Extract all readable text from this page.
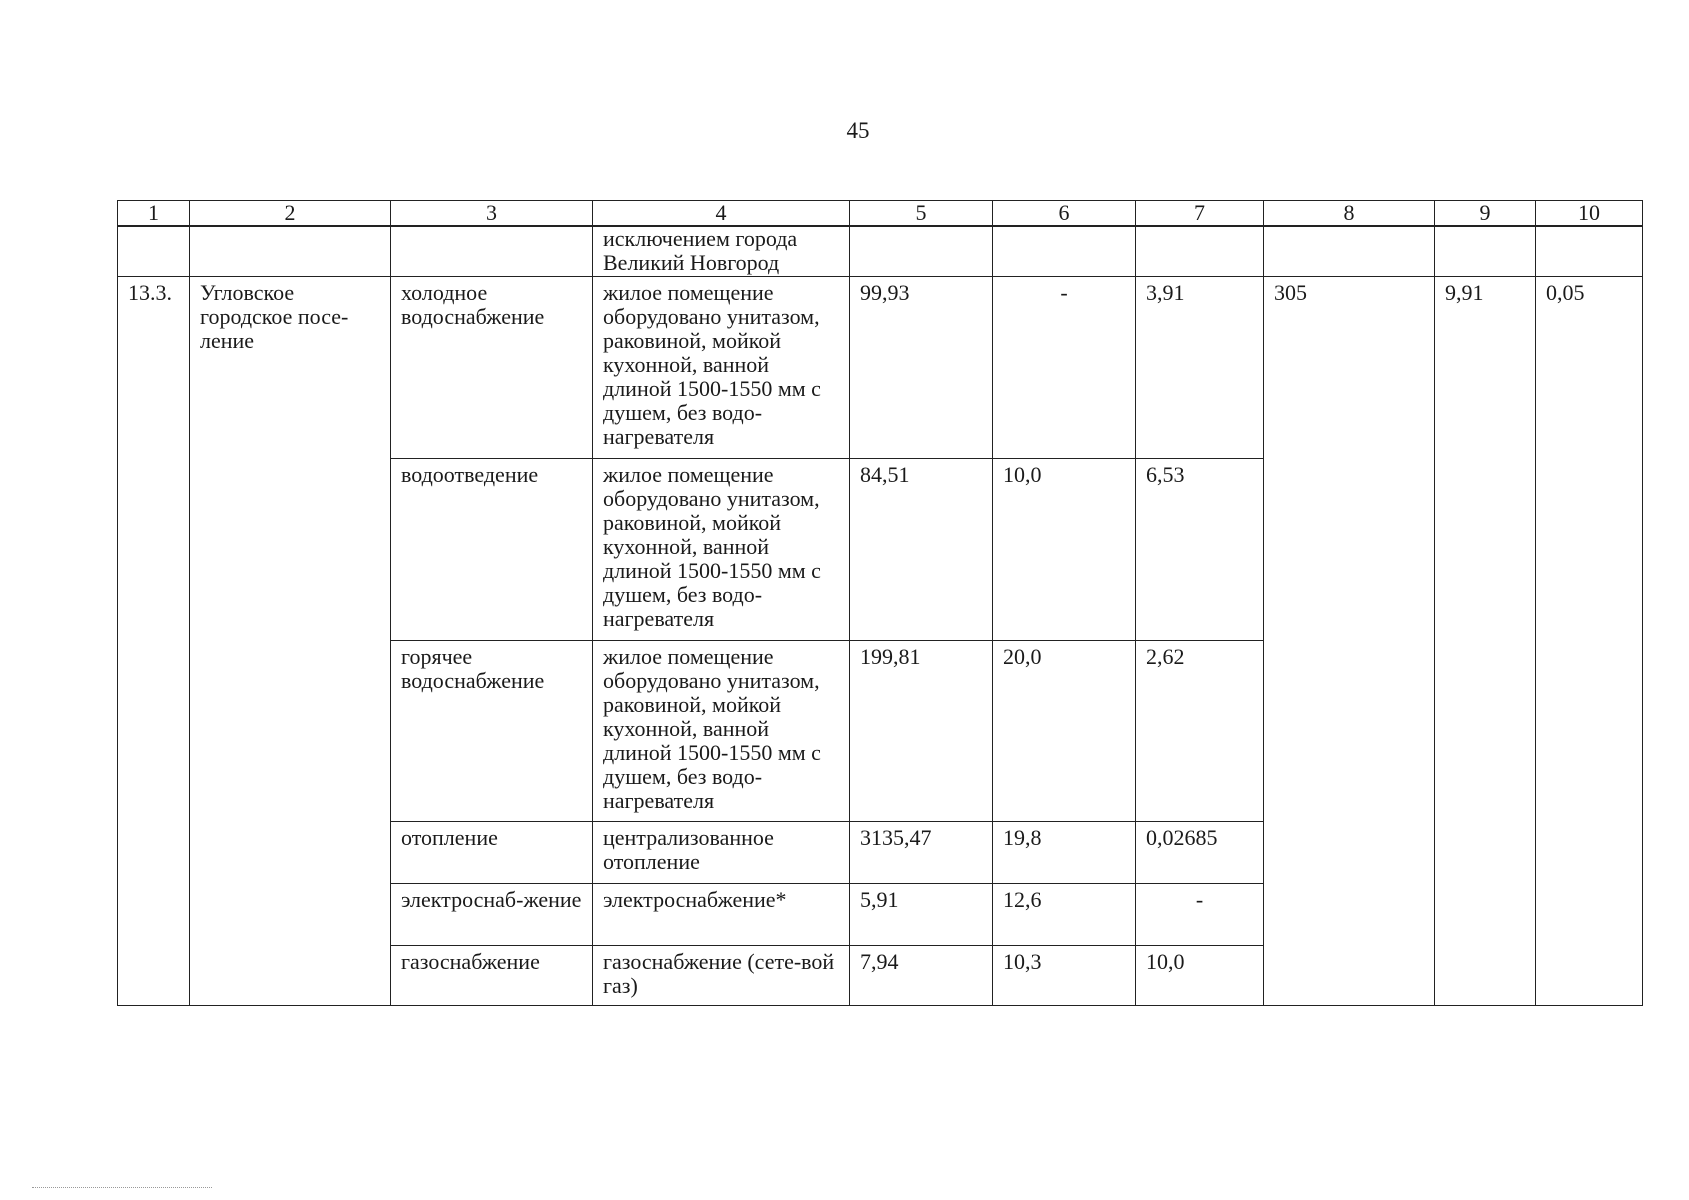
45
1	2	3	4	5	6	7	8	9	10
			исключением города Великий Новгород						
13.3.	Угловское городское посе-ление	холодное водоснабжение	жилое помещение оборудовано унитазом, раковиной, мойкой кухонной, ванной длиной 1500-1550 мм с душем, без водо-нагревателя	99,93	-	3,91	305	9,91	0,05
		водоотведение	жилое помещение оборудовано унитазом, раковиной, мойкой кухонной, ванной длиной 1500-1550 мм с душем, без водо-нагревателя	84,51	10,0	6,53			
		горячее водоснабжение	жилое помещение оборудовано унитазом, раковиной, мойкой кухонной, ванной длиной 1500-1550 мм с душем, без водо-нагревателя	199,81	20,0	2,62			
		отопление	централизованное отопление	3135,47	19,8	0,02685			
		электроснаб-жение	электроснабжение*	5,91	12,6	-			
		газоснабжение	газоснабжение (сете-вой газ)	7,94	10,3	10,0			
